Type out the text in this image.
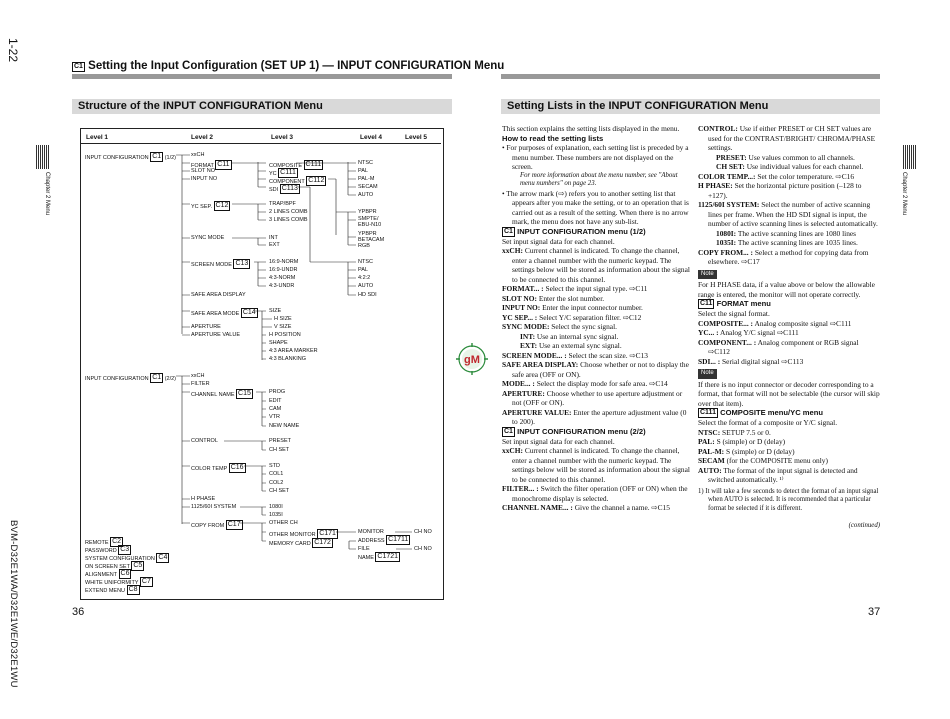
1-22
Chapter 2 Menu
BVM-D32E1WA/D32E1WE/D32E1WU
C1 Setting the Input Configuration (SET UP 1) — INPUT CONFIGURATION Menu
Structure of the INPUT CONFIGURATION Menu
Level 1	Level 2	Level 3	Level 4	Level 5
INPUT CONFIGURATION C1 (1/2)
INPUT CONFIGURATION C1 (2/2)
REMOTE C2
PASSWORD C3
SYSTEM CONFIGURATION C4
ON SCREEN SET C5
ALIGNMENT C6
WHITE UNIFORMITY C7
EXTEND MENU C8
xxCH
FORMAT C11
SLOT NO
INPUT NO
YC SEP. C12
SYNC MODE
SCREEN MODE C13
SAFE AREA DISPLAY
SAFE AREA MODE C14
APERTURE
APERTURE VALUE
xxCH
FILTER
CHANNEL NAME C15
CONTROL
COLOR TEMP C16
H PHASE
1125/60I SYSTEM
COPY FROM C17
COMPOSITE C111
YC C111
COMPONENT C112
SDI C113
TRAP/BPF
2 LINES COMB
3 LINES COMB
INT
EXT
16:9-NORM
16:9-UNDR
4:3-NORM
4:3-UNDR
SIZE
H SIZE
V SIZE
H POSITION
SHAPE
4:3 AREA MARKER
4:3 BLANKING
PROG
EDIT
CAM
VTR
NEW NAME
PRESET
CH SET
STD
COL1
COL2
CH SET
1080I
1035I
OTHER CH
OTHER MONITOR C171
MEMORY CARD C172
NTSC
PAL
PAL-M
SECAM
AUTO
YPBPR
SMPTE/
EBU-N10
YPBPR
BETACAM
RGB
NTSC
PAL
4:2:2
AUTO
HD SDI
MONITOR
ADDRESS C1711
FILE
NAME C1721
CH NO
CH NO
36
gM
Setting Lists in the INPUT CONFIGURATION Menu
Chapter 2 Menu

This section explains the setting lists displayed in the menu.

How to read the setting lists

• For purposes of explanation, each setting list is preceded by a menu number. These numbers are not displayed on the screen.

For more information about the menu number, see "About menu numbers" on page 23.

• The arrow mark (⇨) refers you to another setting list that appears after you make the setting, or to an operation that is carried out as a result of the setting. When there is no arrow mark, the menu does not have any sub-list.

C1 INPUT CONFIGURATION menu (1/2)

Set input signal data for each channel.

xxCH: Current channel is indicated. To change the channel, enter a channel number with the numeric keypad. The settings below will be stored as information about the signal to be connected to this channel.

FORMAT... : Select the input signal type. ⇨C11

SLOT NO: Enter the slot number.

INPUT NO: Enter the input connector number.

YC SEP... : Select Y/C separation filter. ⇨C12

SYNC MODE: Select the sync signal.

INT: Use an internal sync signal.

EXT: Use an external sync signal.

SCREEN MODE... : Select the scan size. ⇨C13

SAFE AREA DISPLAY: Choose whether or not to display the safe area (OFF or ON).

MODE... : Select the display mode for safe area. ⇨C14

APERTURE: Choose whether to use aperture adjustment or not (OFF or ON).

APERTURE VALUE: Enter the aperture adjustment value (0 to 200).

C1 INPUT CONFIGURATION menu (2/2)

Set input signal data for each channel.

xxCH: Current channel is indicated. To change the channel, enter a channel number with the numeric keypad. The settings below will be stored as information about the signal to be connected to this channel.

FILTER... : Switch the filter operation (OFF or ON) when the monochrome display is selected.

CHANNEL NAME... : Give the channel a name. ⇨C15

CONTROL: Use if either PRESET or CH SET values are used for the CONTRAST/BRIGHT/ CHROMA/PHASE settings.

PRESET: Use values common to all channels.

CH SET: Use individual values for each channel.

COLOR TEMP...: Set the color temperature. ⇨C16

H PHASE: Set the horizontal picture position (–128 to +127).

1125/60I SYSTEM: Select the number of active scanning lines per frame. When the HD SDI signal is input, the number of active scanning lines is selected automatically.

1080I: The active scanning lines are 1080 lines

1035I: The active scanning lines are 1035 lines.

COPY FROM... : Select a method for copying data from elsewhere. ⇨C17

Note

For H PHASE data, if a value above or below the allowable range is entered, the monitor will not operate correctly.

C11 FORMAT menu

Select the signal format.

COMPOSITE... : Analog composite signal ⇨C111

YC... : Analog Y/C signal ⇨C111

COMPONENT... : Analog component or RGB signal ⇨C112

SDI... : Serial digital signal ⇨C113

Note

If there is no input connector or decoder corresponding to a format, that format will not be selectable (the cursor will skip over that item).

C111 COMPOSITE menu/YC menu

Select the format of a composite or Y/C signal.

NTSC: SETUP 7.5 or 0.

PAL: S (simple) or D (delay)

PAL-M: S (simple) or D (delay)

SECAM (for the COMPOSITE menu only)

AUTO: The format of the input signal is detected and switched automatically. ¹⁾

1) It will take a few seconds to detect the format of an input signal when AUTO is selected. It is recommended that a particular format be selected if it is different.

(continued)

37
